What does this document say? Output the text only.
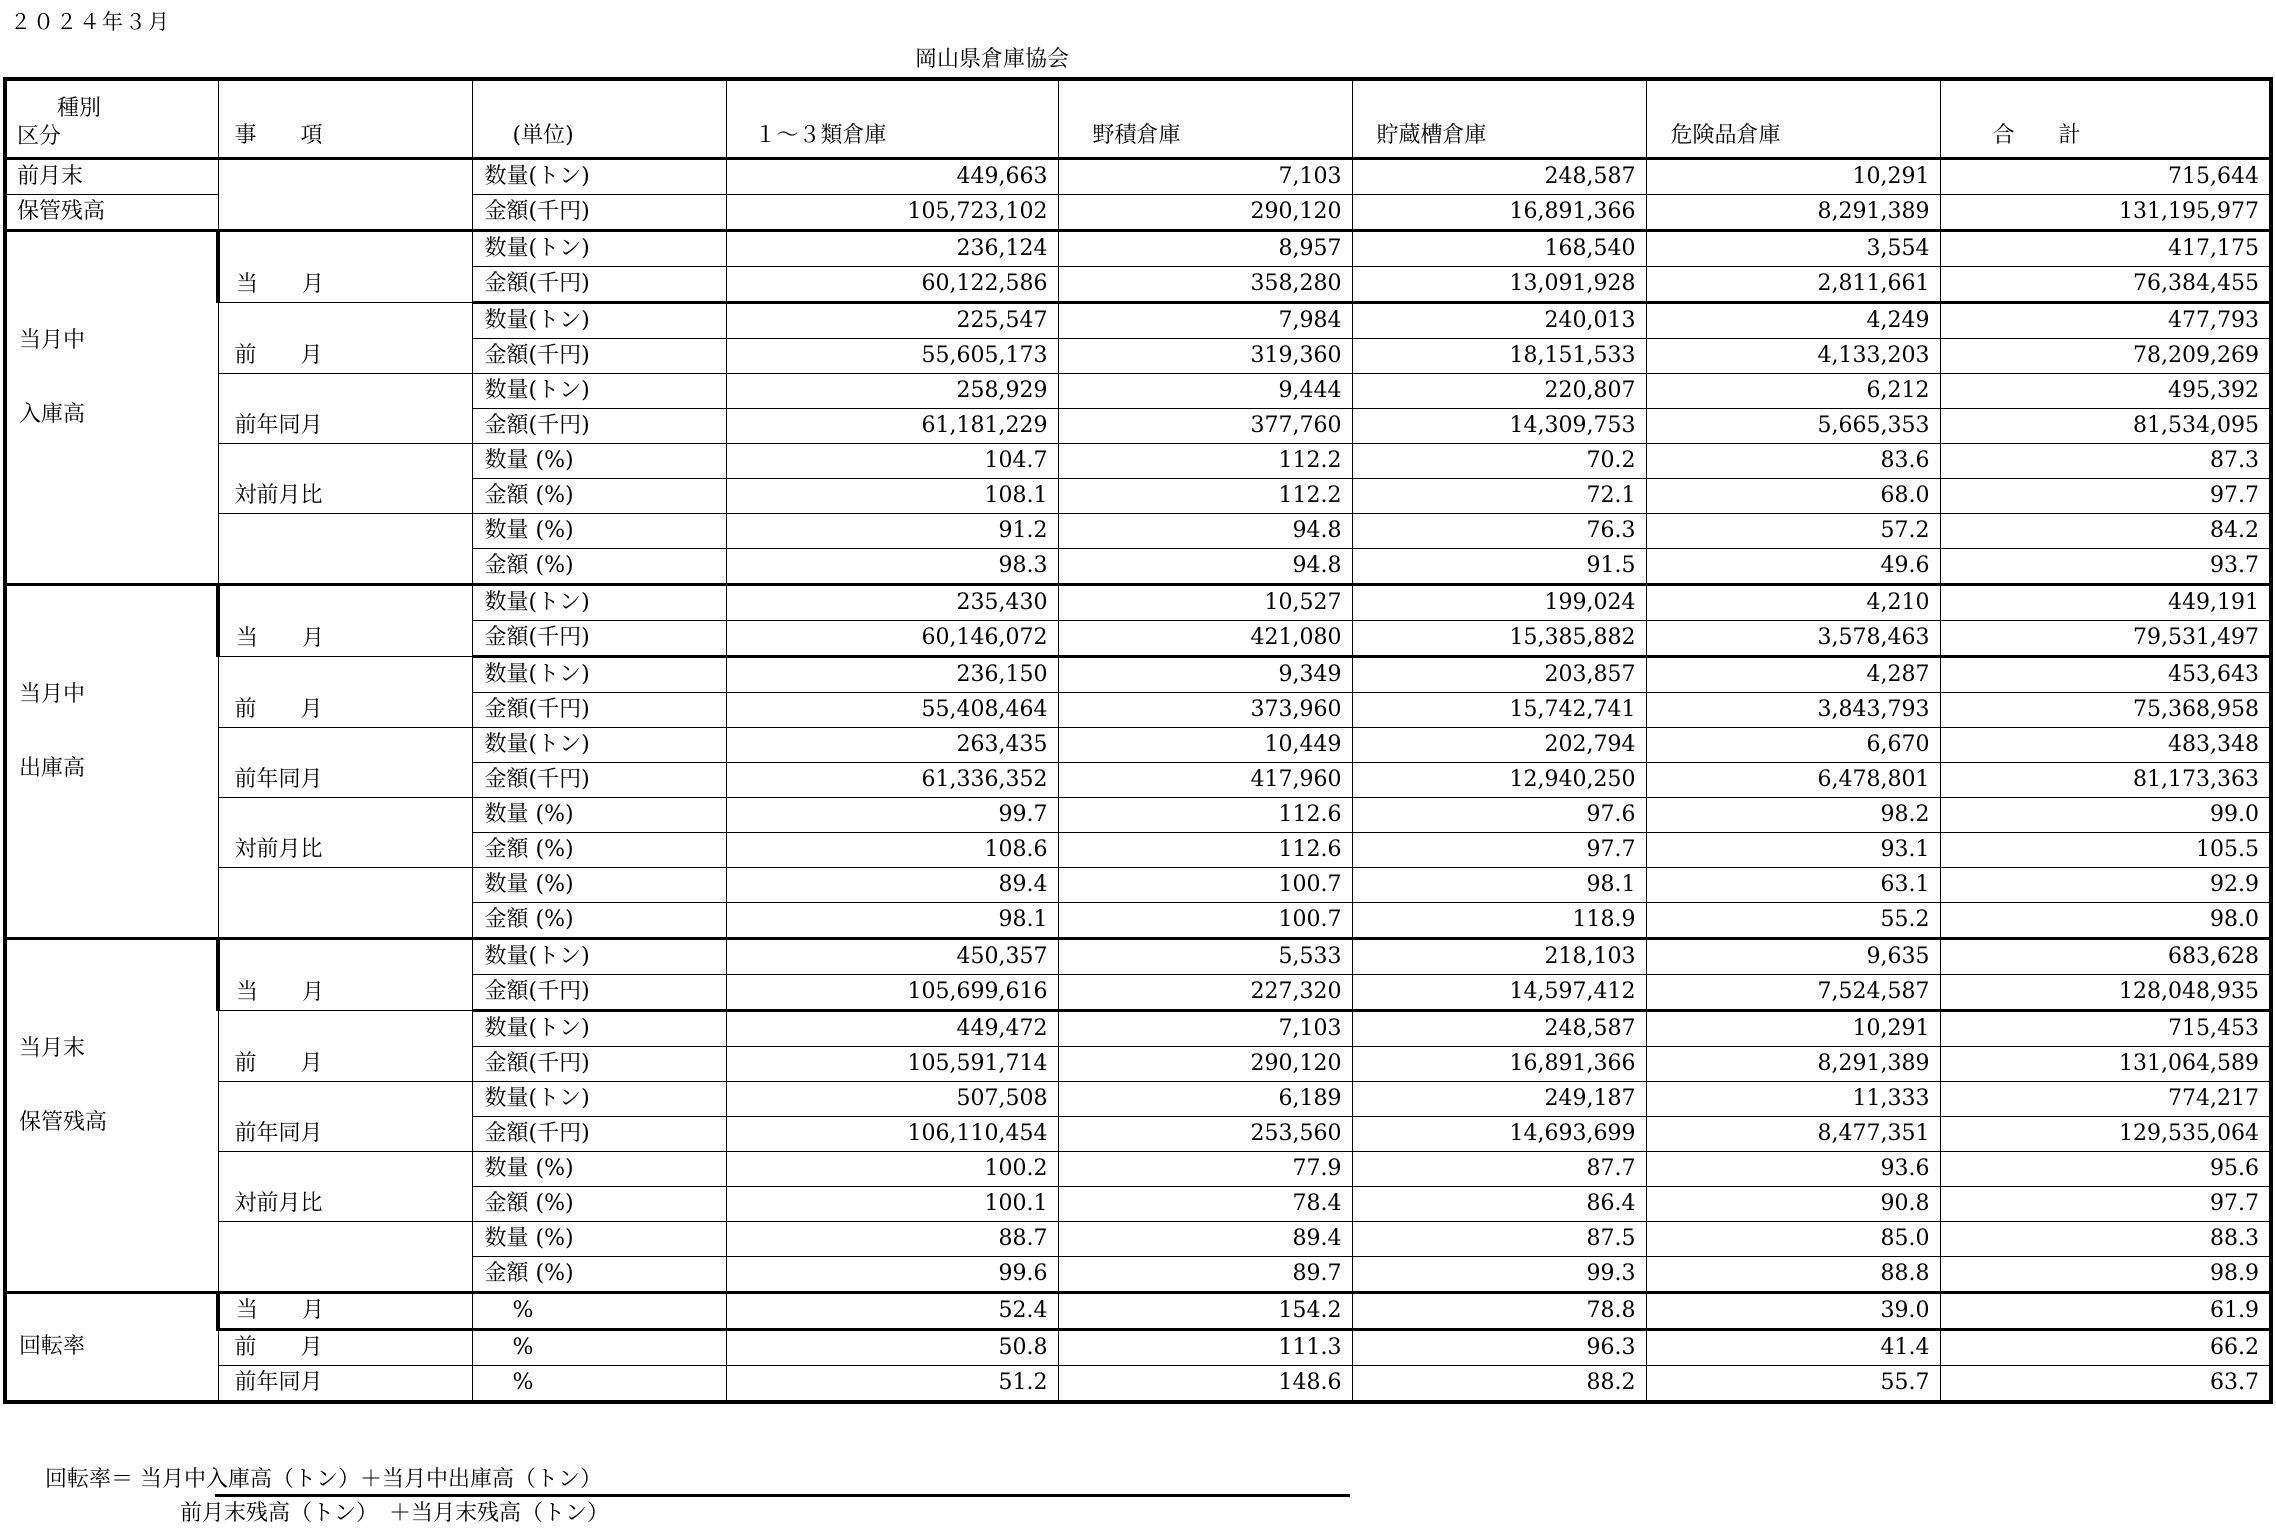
２０２４年３月
岡山県倉庫協会
種別
区分	事　　項	(単位)	１～３類倉庫	野積倉庫	貯蔵槽倉庫	危険品倉庫	合　　計
前月末		数量(トン)	449,663	7,103	248,587	10,291	715,644
保管残高		金額(千円)	105,723,102	290,120	16,891,366	8,291,389	131,195,977

当月中
入庫高	当　　月	数量(トン)	236,124	8,957	168,540	3,554	417,175
		金額(千円)	60,122,586	358,280	13,091,928	2,811,661	76,384,455
	前　　月	数量(トン)	225,547	7,984	240,013	4,249	477,793
		金額(千円)	55,605,173	319,360	18,151,533	4,133,203	78,209,269
	前年同月	数量(トン)	258,929	9,444	220,807	6,212	495,392
		金額(千円)	61,181,229	377,760	14,309,753	5,665,353	81,534,095
	対前月比	数量 (%)	104.7	112.2	70.2	83.6	87.3
		金額 (%)	108.1	112.2	72.1	68.0	97.7
		数量 (%)	91.2	94.8	76.3	57.2	84.2
		金額 (%)	98.3	94.8	91.5	49.6	93.7

当月中
出庫高	当　　月	数量(トン)	235,430	10,527	199,024	4,210	449,191
		金額(千円)	60,146,072	421,080	15,385,882	3,578,463	79,531,497
	前　　月	数量(トン)	236,150	9,349	203,857	4,287	453,643
		金額(千円)	55,408,464	373,960	15,742,741	3,843,793	75,368,958
	前年同月	数量(トン)	263,435	10,449	202,794	6,670	483,348
		金額(千円)	61,336,352	417,960	12,940,250	6,478,801	81,173,363
	対前月比	数量 (%)	99.7	112.6	97.6	98.2	99.0
		金額 (%)	108.6	112.6	97.7	93.1	105.5
		数量 (%)	89.4	100.7	98.1	63.1	92.9
		金額 (%)	98.1	100.7	118.9	55.2	98.0

当月末
保管残高	当　　月	数量(トン)	450,357	5,533	218,103	9,635	683,628
		金額(千円)	105,699,616	227,320	14,597,412	7,524,587	128,048,935
	前　　月	数量(トン)	449,472	7,103	248,587	10,291	715,453
		金額(千円)	105,591,714	290,120	16,891,366	8,291,389	131,064,589
	前年同月	数量(トン)	507,508	6,189	249,187	11,333	774,217
		金額(千円)	106,110,454	253,560	14,693,699	8,477,351	129,535,064
	対前月比	数量 (%)	100.2	77.9	87.7	93.6	95.6
		金額 (%)	100.1	78.4	86.4	90.8	97.7
		数量 (%)	88.7	89.4	87.5	85.0	88.3
		金額 (%)	99.6	89.7	99.3	88.8	98.9
回転率	当　　月	%	52.4	154.2	78.8	39.0	61.9
	前　　月	%	50.8	111.3	96.3	41.4	66.2
	前年同月	%	51.2	148.6	88.2	55.7	63.7
回転率＝ 当月中入庫高（トン）＋当月中出庫高（トン）
前月末残高（トン）　＋当月末残高（トン）
